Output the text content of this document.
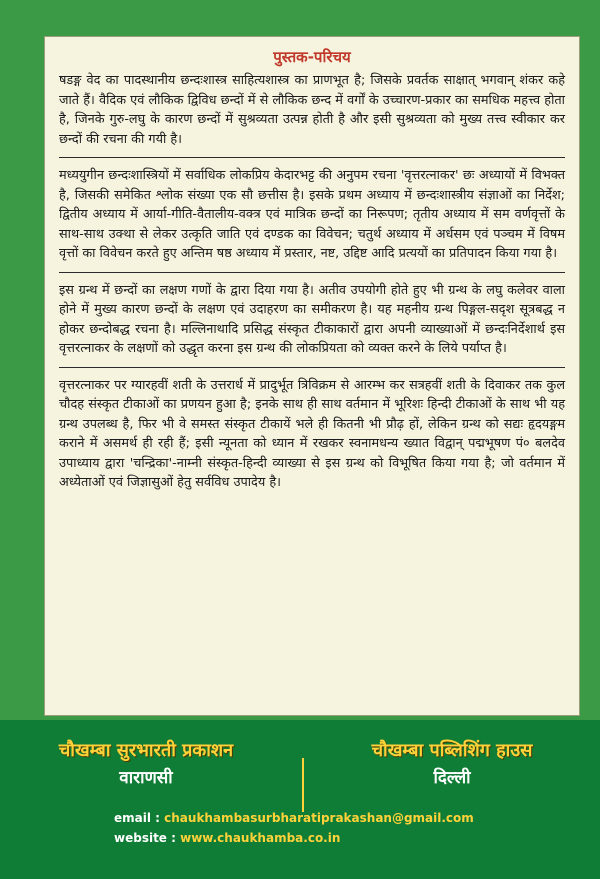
पुस्तक-परिचय

षडङ्ग वेद का पादस्थानीय छन्दःशास्त्र साहित्यशास्त्र का प्राणभूत है; जिसके प्रवर्तक साक्षात् भगवान् शंकर कहे जाते हैं। वैदिक एवं लौकिक द्विविध छन्दों में से लौकिक छन्द में वर्गों के उच्चारण-प्रकार का समधिक महत्त्व होता है, जिनके गुरु-लघु के कारण छन्दों में सुश्रव्यता उत्पन्न होती है और इसी सुश्रव्यता को मुख्य तत्त्व स्वीकार कर छन्दों की रचना की गयी है।

मध्ययुगीन छन्दःशास्त्रियों में सर्वाधिक लोकप्रिय केदारभट्ट की अनुपम रचना 'वृत्तरत्नाकर' छः अध्यायों में विभक्त है, जिसकी समेकित श्लोक संख्या एक सौ छत्तीस है। इसके प्रथम अध्याय में छन्दःशास्त्रीय संज्ञाओं का निर्देश; द्वितीय अध्याय में आर्या-गीति-वैतालीय-वक्त्र एवं मात्रिक छन्दों का निरूपण; तृतीय अध्याय में सम वर्णवृत्तों के साथ-साथ उक्था से लेकर उत्कृति जाति एवं दण्डक का विवेचन; चतुर्थ अध्याय में अर्धसम एवं पञ्चम में विषम वृत्तों का विवेचन करते हुए अन्तिम षष्ठ अध्याय में प्रस्तार, नष्ट, उद्दिष्ट आदि प्रत्ययों का प्रतिपादन किया गया है।

इस ग्रन्थ में छन्दों का लक्षण गणों के द्वारा दिया गया है। अतीव उपयोगी होते हुए भी ग्रन्थ के लघु कलेवर वाला होने में मुख्य कारण छन्दों के लक्षण एवं उदाहरण का समीकरण है। यह महनीय ग्रन्थ पिङ्गल-सदृश सूत्रबद्ध न होकर छन्दोबद्ध रचना है। मल्लिनाथादि प्रसिद्ध संस्कृत टीकाकारों द्वारा अपनी व्याख्याओं में छन्दःनिर्देशार्थ इस वृत्तरत्नाकर के लक्षणों को उद्धृत करना इस ग्रन्थ की लोकप्रियता को व्यक्त करने के लिये पर्याप्त है।

वृत्तरत्नाकर पर ग्यारहवीं शती के उत्तरार्ध में प्रादुर्भूत त्रिविक्रम से आरम्भ कर सत्रहवीं शती के दिवाकर तक कुल चौदह संस्कृत टीकाओं का प्रणयन हुआ है; इनके साथ ही साथ वर्तमान में भूरिशः हिन्दी टीकाओं के साथ भी यह ग्रन्थ उपलब्ध है, फिर भी वे समस्त संस्कृत टीकायें भले ही कितनी भी प्रौढ़ हों, लेकिन ग्रन्थ को सद्यः हृदयङ्गम कराने में असमर्थ ही रही हैं; इसी न्यूनता को ध्यान में रखकर स्वनामधन्य ख्यात विद्वान् पद्मभूषण पं० बलदेव उपाध्याय द्वारा 'चन्द्रिका'-नाम्नी संस्कृत-हिन्दी व्याख्या से इस ग्रन्थ को विभूषित किया गया है; जो वर्तमान में अध्येताओं एवं जिज्ञासुओं हेतु सर्वविध उपादेय है।

चौखम्बा सुरभारती प्रकाशन
वाराणसी
चौखम्बा पब्लिशिंग हाउस
दिल्ली
email : chaukhambasurbharatiprakashan@gmail.com
website : www.chaukhamba.co.in
